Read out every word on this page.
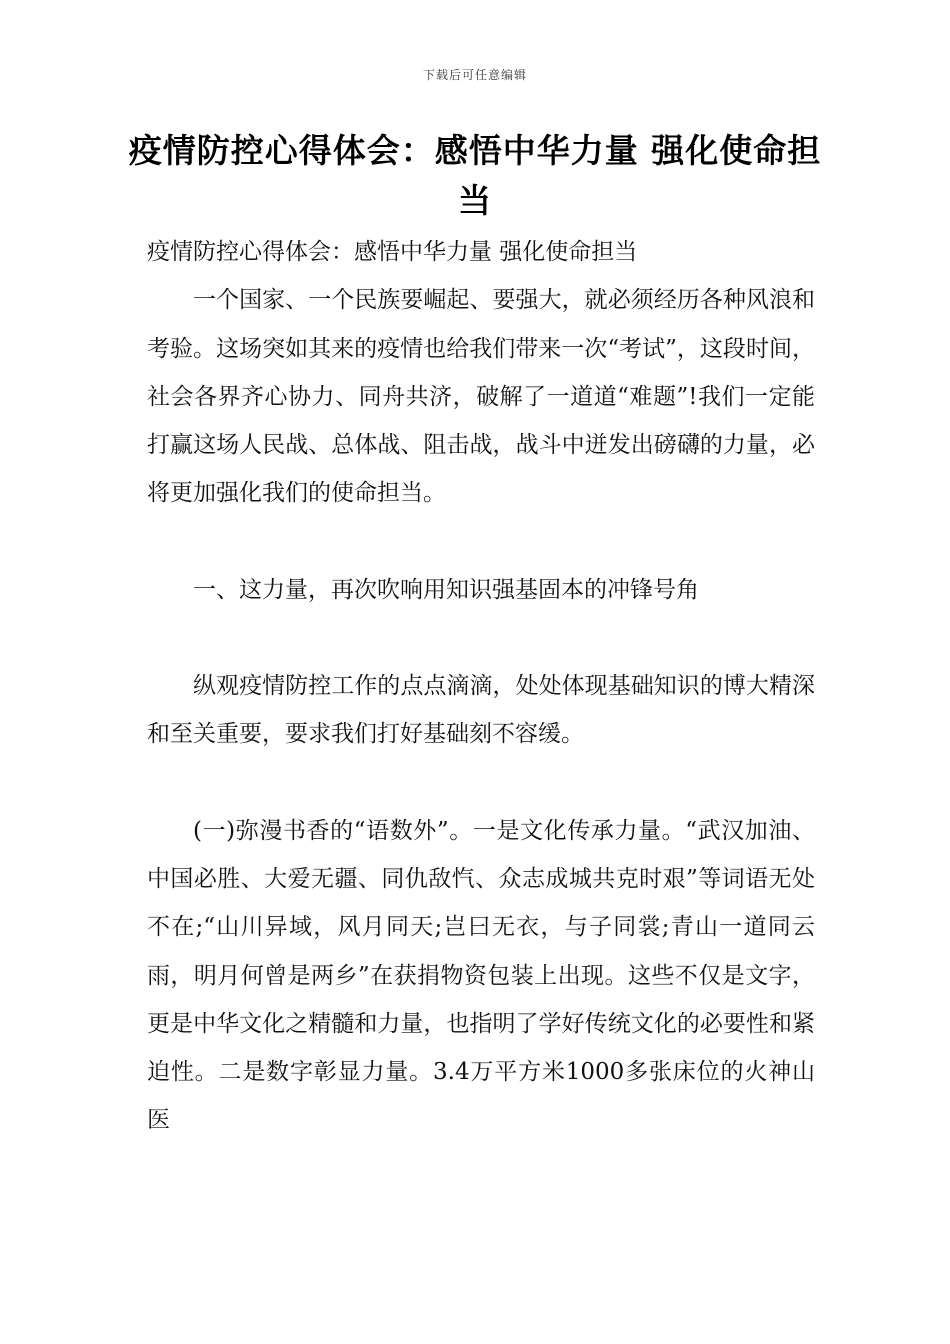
下载后可任意编辑
疫情防控心得体会：感悟中华力量 强化使命担当

疫情防控心得体会：感悟中华力量 强化使命担当

一个国家、一个民族要崛起、要强大，就必须经历各种风浪和考验。这场突如其来的疫情也给我们带来一次“考试”，这段时间，社会各界齐心协力、同舟共济，破解了一道道“难题”!我们一定能打赢这场人民战、总体战、阻击战，战斗中迸发出磅礴的力量，必将更加强化我们的使命担当。

一、这力量，再次吹响用知识强基固本的冲锋号角

纵观疫情防控工作的点点滴滴，处处体现基础知识的博大精深和至关重要，要求我们打好基础刻不容缓。

(一)弥漫书香的“语数外”。一是文化传承力量。“武汉加油、中国必胜、大爱无疆、同仇敌忾、众志成城共克时艰”等词语无处不在;“山川异域，风月同天;岂曰无衣，与子同裳;青山一道同云雨，明月何曾是两乡”在获捐物资包装上出现。这些不仅是文字，更是中华文化之精髓和力量，也指明了学好传统文化的必要性和紧迫性。二是数字彰显力量。3.4万平方米1000多张床位的火神山医
